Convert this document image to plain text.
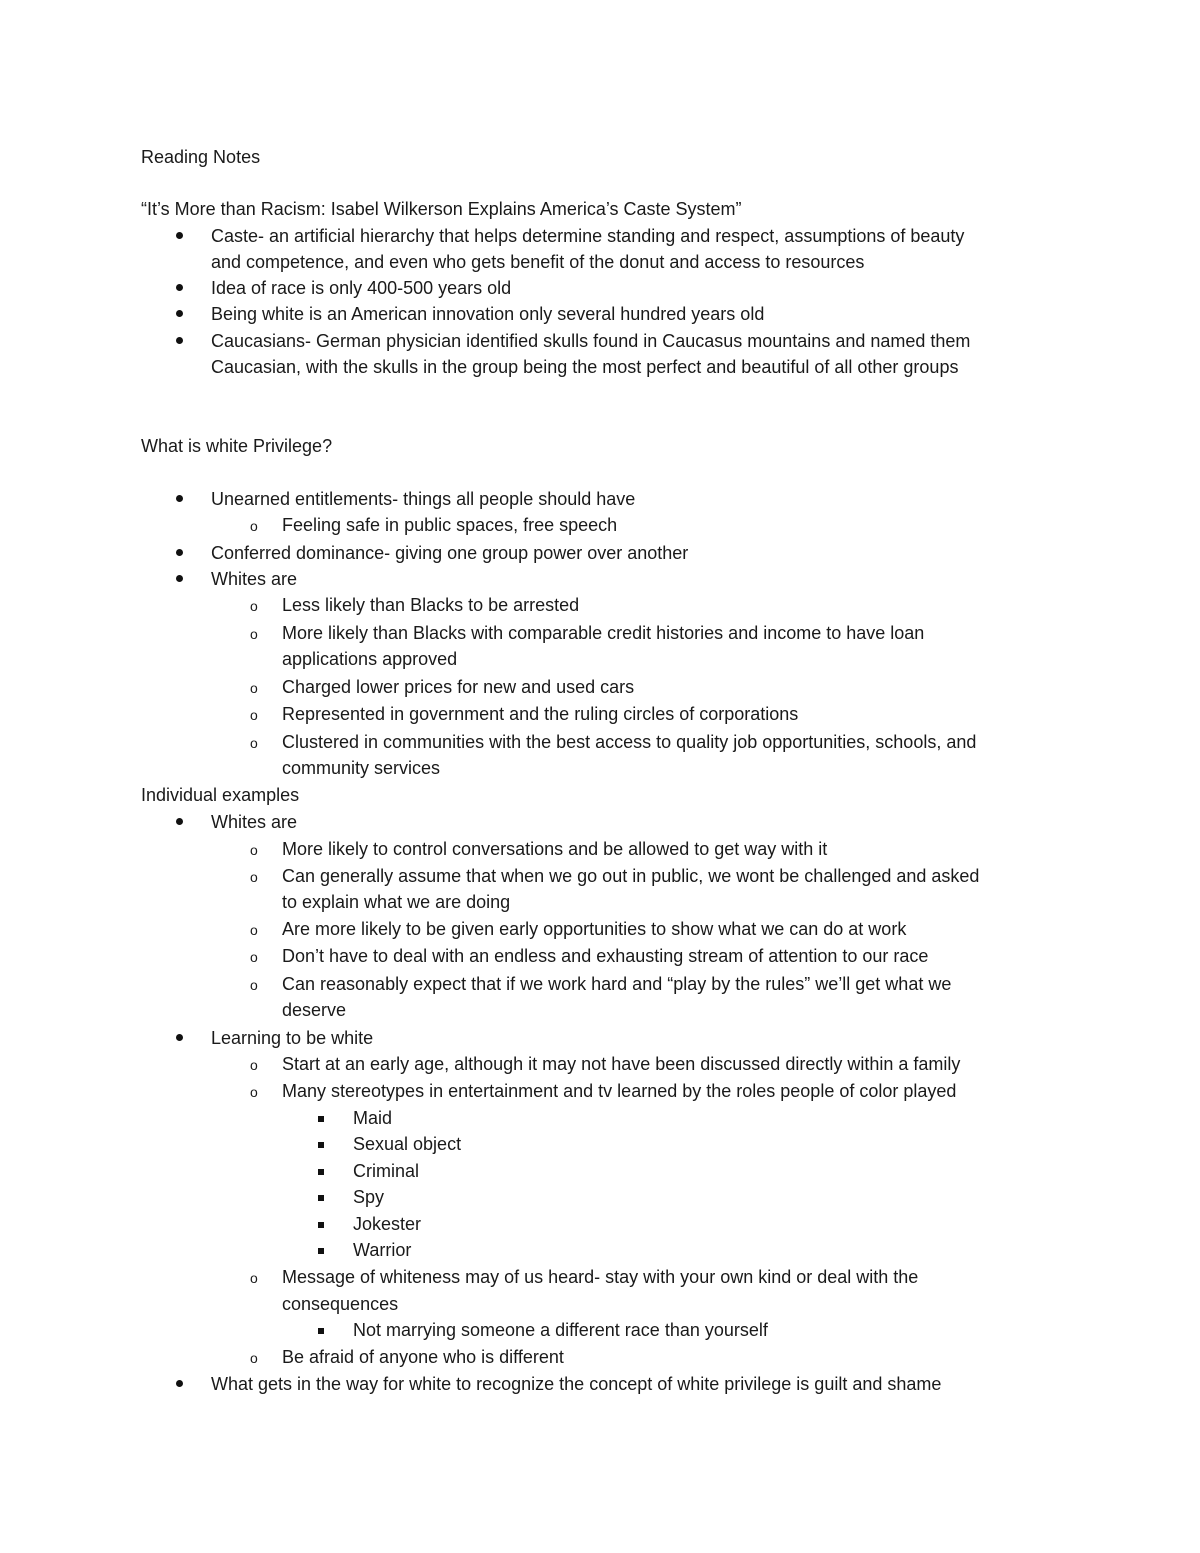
Reading Notes
“It’s More than Racism: Isabel Wilkerson Explains America’s Caste System”
Caste- an artificial hierarchy that helps determine standing and respect, assumptions of beauty
and competence, and even who gets benefit of the donut and access to resources
Idea of race is only 400-500 years old
Being white is an American innovation only several hundred years old
Caucasians- German physician identified skulls found in Caucasus mountains and named them
Caucasian, with the skulls in the group being the most perfect and beautiful of all other groups
What is white Privilege?
Unearned entitlements- things all people should have
o Feeling safe in public spaces, free speech
Conferred dominance- giving one group power over another
Whites are
o Less likely than Blacks to be arrested
o More likely than Blacks with comparable credit histories and income to have loan
applications approved
o Charged lower prices for new and used cars
o Represented in government and the ruling circles of corporations
o Clustered in communities with the best access to quality job opportunities, schools, and
community services
Individual examples
Whites are
o More likely to control conversations and be allowed to get way with it
o Can generally assume that when we go out in public, we wont be challenged and asked
to explain what we are doing
o Are more likely to be given early opportunities to show what we can do at work
o Don’t have to deal with an endless and exhausting stream of attention to our race
o Can reasonably expect that if we work hard and “play by the rules” we’ll get what we
deserve
Learning to be white
o Start at an early age, although it may not have been discussed directly within a family
o Many stereotypes in entertainment and tv learned by the roles people of color played
Maid
Sexual object
Criminal
Spy
Jokester
Warrior
o Message of whiteness may of us heard- stay with your own kind or deal with the
consequences
Not marrying someone a different race than yourself
o Be afraid of anyone who is different
What gets in the way for white to recognize the concept of white privilege is guilt and shame
